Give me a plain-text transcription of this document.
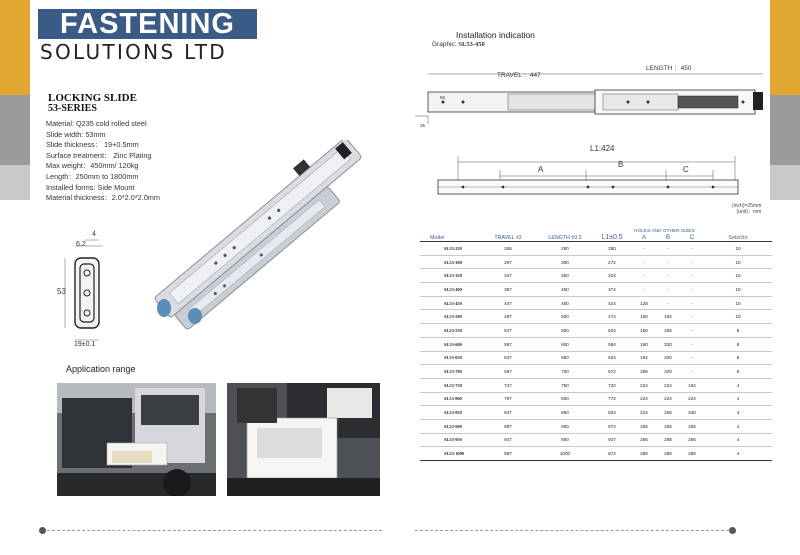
FASTENING
SOLUTIONS LTD
LOCKING SLIDE
53-SERIES
Material: Q235 cold rolled steel
Slide width: 53mm
Slide thickness： 19+0.5mm
Surface treatment： Zinc Plating
Max weight：450mm/ 120kg
Length：250mm to 1800mm
Installed forms: Side Mount
Material thickness：2.0*2.0*2.0mm
4
6.2
53
19±0.1
Application range
Installation indication
Graphic: SL53-450
TRAVEL ：447
LENGTH ：450
65
35
L1:424
A
B
C
(inch)=25mm
(unit)：mm
HOLES AND OTHER SIZES
Model	TRAVEL ±2	LENGTH ±0.5	L1±0.5	A	B	C	Sets/ctn
SL53-250	265	250	250	-	-	-	10
SL53-300	297	300	272	-	-	-	10
SL53-350	347	350	324	-	-	-	10
SL53-400	397	450	374	-	-	-	10
SL53-450	447	450	424	128	-	-	10
SL53-500	497	500	474	160	192	-	10
SL53-550	547	550	524	160	256	-	8
SL53-600	597	600	584	160	320	-	8
SL53-650	647	650	624	192	320	-	8
SL53-700	697	700	672	256	320	-	8
SL53-750	747	750	722	224	224	192	4
SL53-800	797	800	772	224	224	224	4
SL53-850	847	850	824	224	256	340	4
SL53-900	897	900	872	256	256	256	4
SL53-950	947	950	927	256	288	256	4
SL53-1000	997	1000	972	288	288	288	4
